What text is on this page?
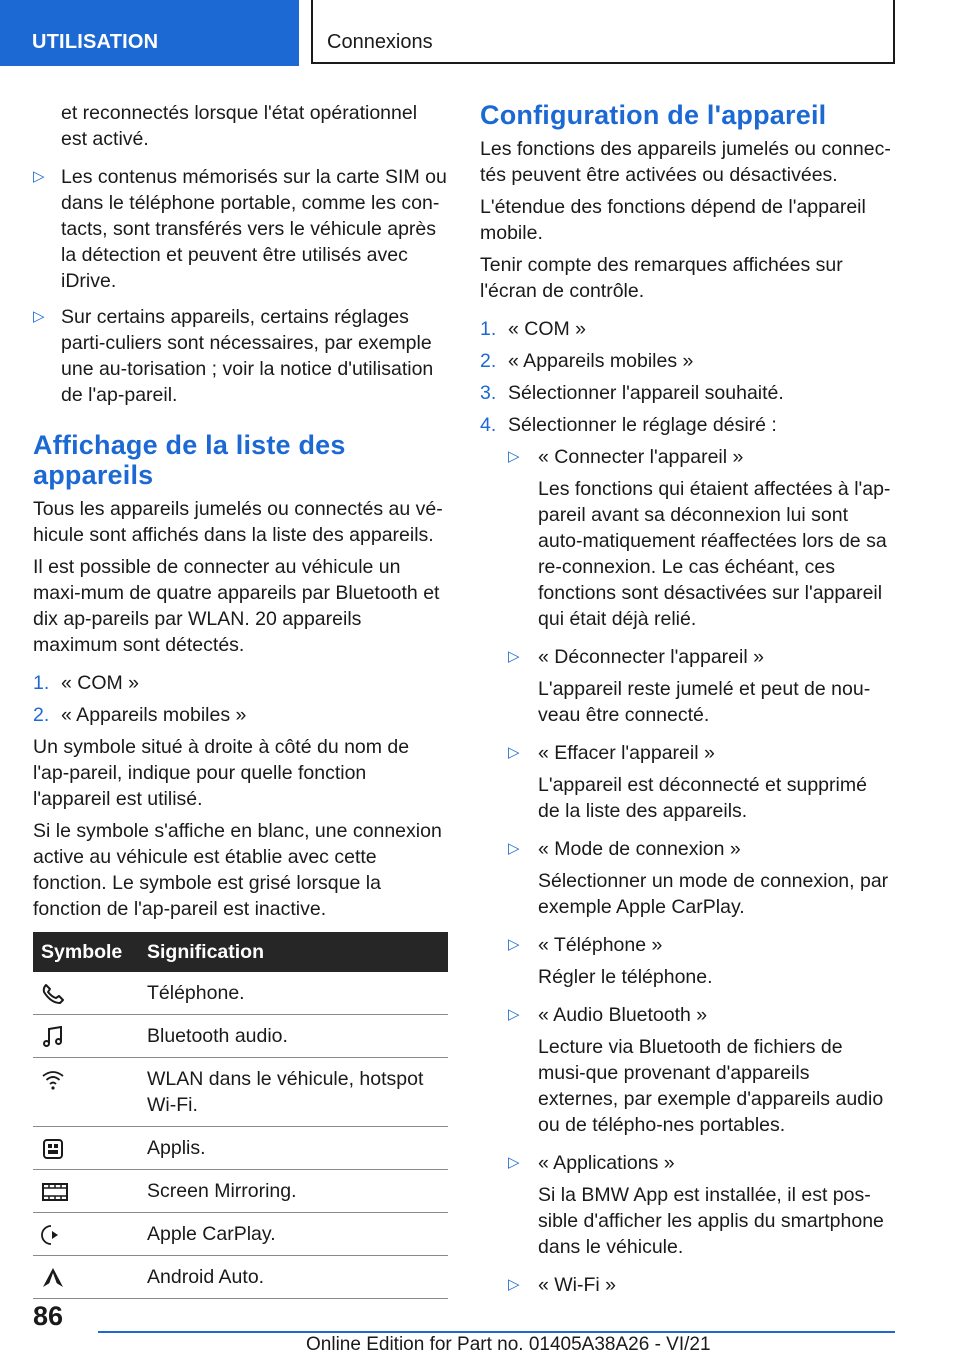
UTILISATION	Connexions

et reconnectés lorsque l'état opérationnel est activé.

▷ Les contenus mémorisés sur la carte SIM ou dans le téléphone portable, comme les con‐tacts, sont transférés vers le véhicule après la détection et peuvent être utilisés avec iDrive.
▷ Sur certains appareils, certains réglages parti‐culiers sont nécessaires, par exemple une au‐torisation ; voir la notice d'utilisation de l'ap‐pareil.
Affichage de la liste des appareils

Tous les appareils jumelés ou connectés au vé‐hicule sont affichés dans la liste des appareils.

Il est possible de connecter au véhicule un maxi‐mum de quatre appareils par Bluetooth et dix ap‐pareils par WLAN. 20 appareils maximum sont détectés.

1. « COM »
2. « Appareils mobiles »

Un symbole situé à droite à côté du nom de l'ap‐pareil, indique pour quelle fonction l'appareil est utilisé.

Si le symbole s'affiche en blanc, une connexion active au véhicule est établie avec cette fonction. Le symbole est grisé lorsque la fonction de l'ap‐pareil est inactive.

Symbole	Signification

	Téléphone.

	Bluetooth audio.

	WLAN dans le véhicule, hotspot Wi-Fi.

	Applis.

	Screen Mirroring.

	Apple CarPlay.

	Android Auto.
Configuration de l'appareil

Les fonctions des appareils jumelés ou connec‐tés peuvent être activées ou désactivées.

L'étendue des fonctions dépend de l'appareil mobile.

Tenir compte des remarques affichées sur l'écran de contrôle.

1. « COM »
2. « Appareils mobiles »
3. Sélectionner l'appareil souhaité.
4. Sélectionner le réglage désiré :
▷ « Connecter l'appareil »

Les fonctions qui étaient affectées à l'ap‐pareil avant sa déconnexion lui sont auto‐matiquement réaffectées lors de sa re‐connexion. Le cas échéant, ces fonctions sont désactivées sur l'appareil qui était déjà relié.

▷ « Déconnecter l'appareil »

L'appareil reste jumelé et peut de nou‐veau être connecté.

▷ « Effacer l'appareil »

L'appareil est déconnecté et supprimé de la liste des appareils.

▷ « Mode de connexion »

Sélectionner un mode de connexion, par exemple Apple CarPlay.

▷ « Téléphone »

Régler le téléphone.

▷ « Audio Bluetooth »

Lecture via Bluetooth de fichiers de musi‐que provenant d'appareils externes, par exemple d'appareils audio ou de télépho‐nes portables.

▷ « Applications »

Si la BMW App est installée, il est pos‐sible d'afficher les applis du smartphone dans le véhicule.

▷ « Wi-Fi »
86
Online Edition for Part no. 01405A38A26 - VI/21
